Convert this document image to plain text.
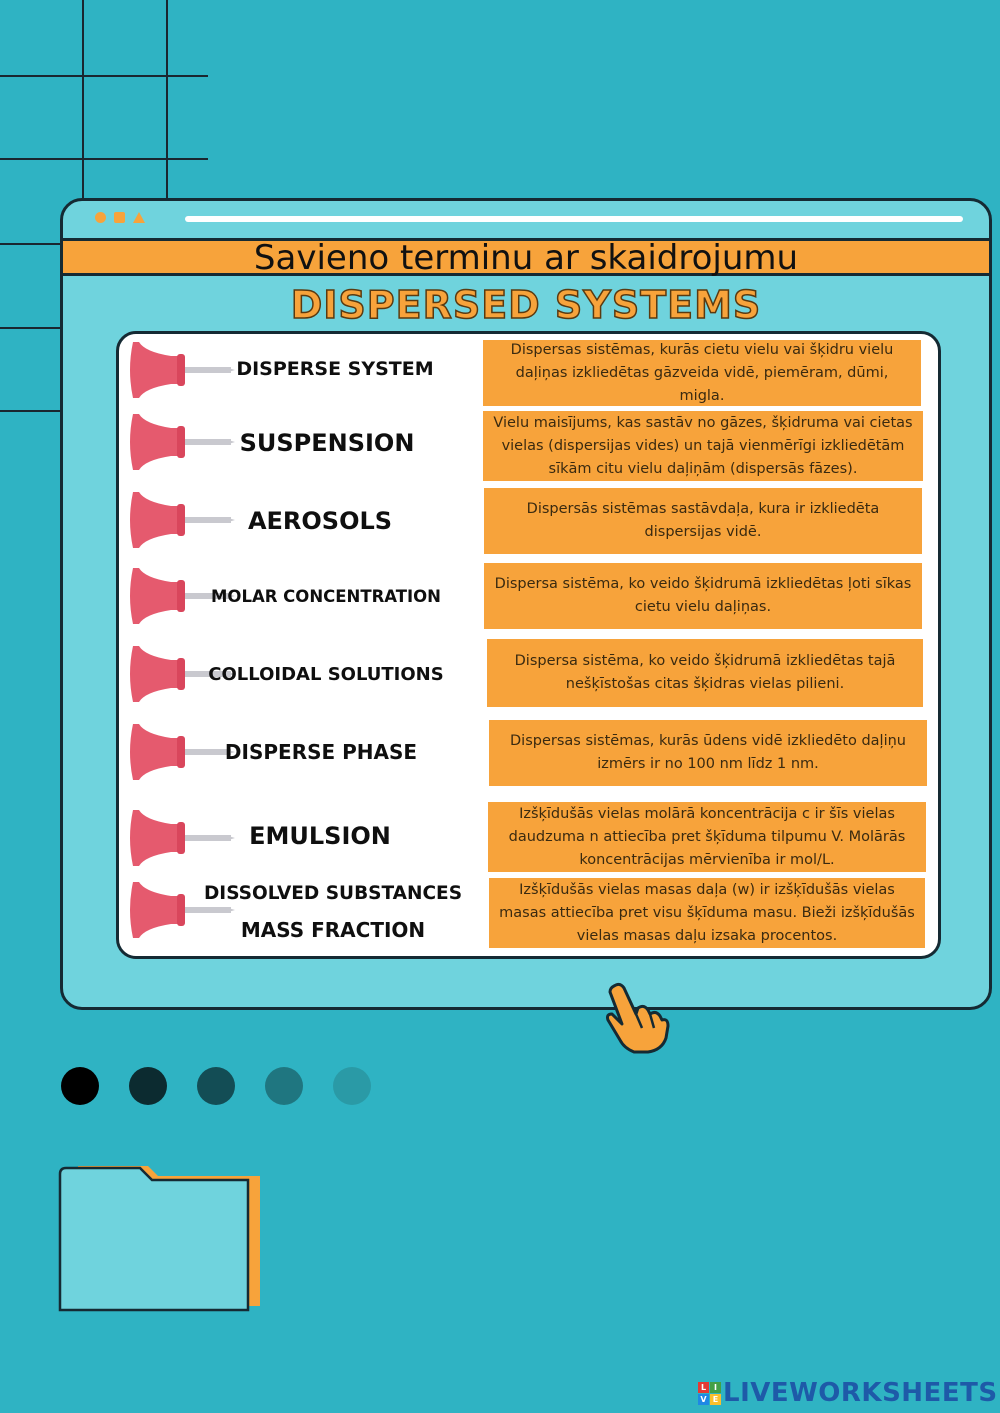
Savieno terminu ar skaidrojumu
DISPERSED SYSTEMS
DISPERSE SYSTEM
SUSPENSION
AEROSOLS
MOLAR CONCENTRATION
COLLOIDAL SOLUTIONS
DISPERSE PHASE
EMULSION
DISSOLVED SUBSTANCES
MASS FRACTION
Dispersas sistēmas, kurās cietu vielu vai šķidru vielu daļiņas izkliedētas gāzveida vidē, piemēram, dūmi, migla.
Vielu maisījums, kas sastāv no gāzes, šķidruma vai cietas vielas (dispersijas vides) un tajā vienmērīgi izkliedētām sīkām citu vielu daļiņām (dispersās fāzes).
Dispersās sistēmas sastāvdaļa, kura ir izkliedēta dispersijas vidē.
Dispersa sistēma, ko veido šķidrumā izkliedētas ļoti sīkas cietu vielu daļiņas.
Dispersa sistēma, ko veido šķidrumā izkliedētas tajā nešķīstošas citas šķidras vielas pilieni.
Dispersas sistēmas, kurās ūdens vidē izkliedēto daļiņu izmērs ir no 100 nm līdz 1 nm.
Izšķīdušās vielas molārā koncentrācija c ir šīs vielas daudzuma n attiecība pret šķīduma tilpumu V. Molārās koncentrācijas mērvienība ir mol/L.
Izšķīdušās vielas masas daļa (w) ir izšķīdušās vielas masas attiecība pret visu šķīduma masu. Bieži izšķīdušās vielas masas daļu izsaka procentos.
L I
V E LIVEWORKSHEETS
